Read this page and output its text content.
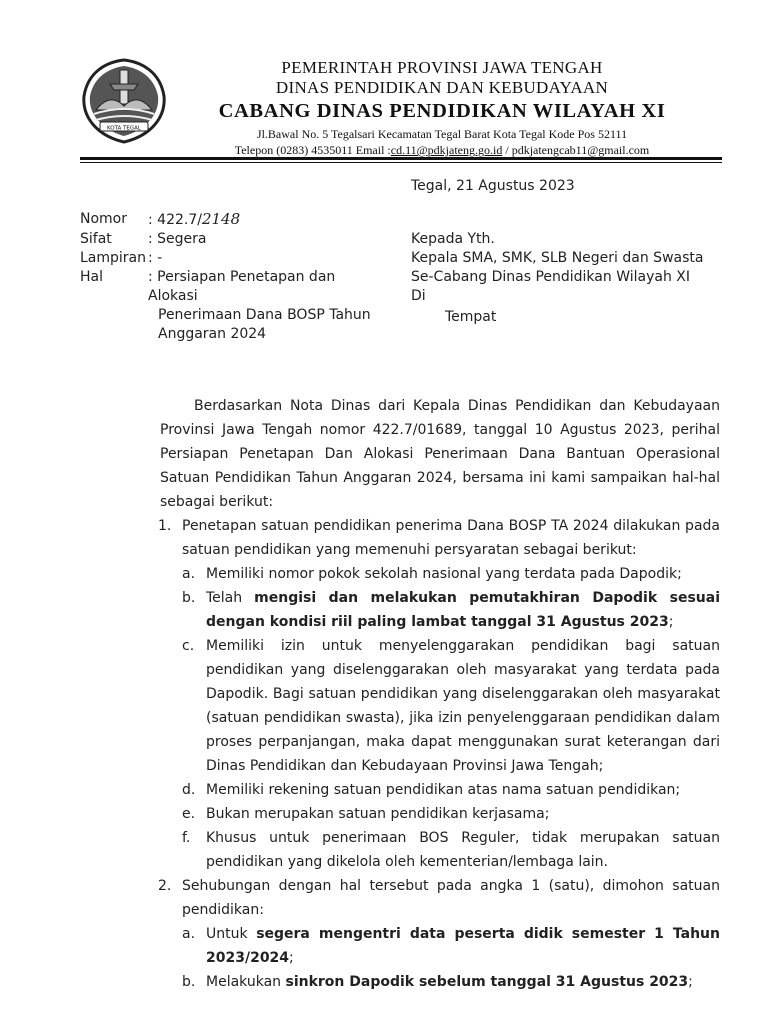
KOTA TEGAL
PEMERINTAH PROVINSI JAWA TENGAH
DINAS PENDIDIKAN DAN KEBUDAYAAN
CABANG DINAS PENDIDIKAN WILAYAH XI
Jl.Bawal No. 5 Tegalsari Kecamatan Tegal Barat Kota Tegal Kode Pos 52111
Telepon (0283) 4535011 Email :cd.11@pdkjateng.go.id / pdkjatengcab11@gmail.com
Tegal, 21 Agustus 2023
Nomor	: 422.7/2148
Sifat	: Segera
Lampiran : -
Hal	: Persiapan Penetapan dan Alokasi
Penerimaan Dana BOSP Tahun
Anggaran 2024
Kepada Yth.
Kepala SMA, SMK, SLB Negeri dan Swasta
Se-Cabang Dinas Pendidikan Wilayah XI
Di
Tempat
Berdasarkan Nota Dinas dari Kepala Dinas Pendidikan dan Kebudayaan Provinsi Jawa Tengah nomor 422.7/01689, tanggal 10 Agustus 2023, perihal Persiapan Penetapan Dan Alokasi Penerimaan Dana Bantuan Operasional Satuan Pendidikan Tahun Anggaran 2024, bersama ini kami sampaikan hal-hal sebagai berikut:
1. Penetapan satuan pendidikan penerima Dana BOSP TA 2024 dilakukan pada satuan pendidikan yang memenuhi persyaratan sebagai berikut:
a. Memiliki nomor pokok sekolah nasional yang terdata pada Dapodik;
b. Telah mengisi dan melakukan pemutakhiran Dapodik sesuai dengan kondisi riil paling lambat tanggal 31 Agustus 2023;
c. Memiliki izin untuk menyelenggarakan pendidikan bagi satuan pendidikan yang diselenggarakan oleh masyarakat yang terdata pada Dapodik. Bagi satuan pendidikan yang diselenggarakan oleh masyarakat (satuan pendidikan swasta), jika izin penyelenggaraan pendidikan dalam proses perpanjangan, maka dapat menggunakan surat keterangan dari Dinas Pendidikan dan Kebudayaan Provinsi Jawa Tengah;
d. Memiliki rekening satuan pendidikan atas nama satuan pendidikan;
e. Bukan merupakan satuan pendidikan kerjasama;
f.	Khusus untuk penerimaan BOS Reguler, tidak merupakan satuan pendidikan yang dikelola oleh kementerian/lembaga lain.
2. Sehubungan dengan hal tersebut pada angka 1 (satu), dimohon satuan pendidikan:
a. Untuk segera mengentri data peserta didik semester 1 Tahun 2023/2024;
b. Melakukan sinkron Dapodik sebelum tanggal 31 Agustus 2023;
